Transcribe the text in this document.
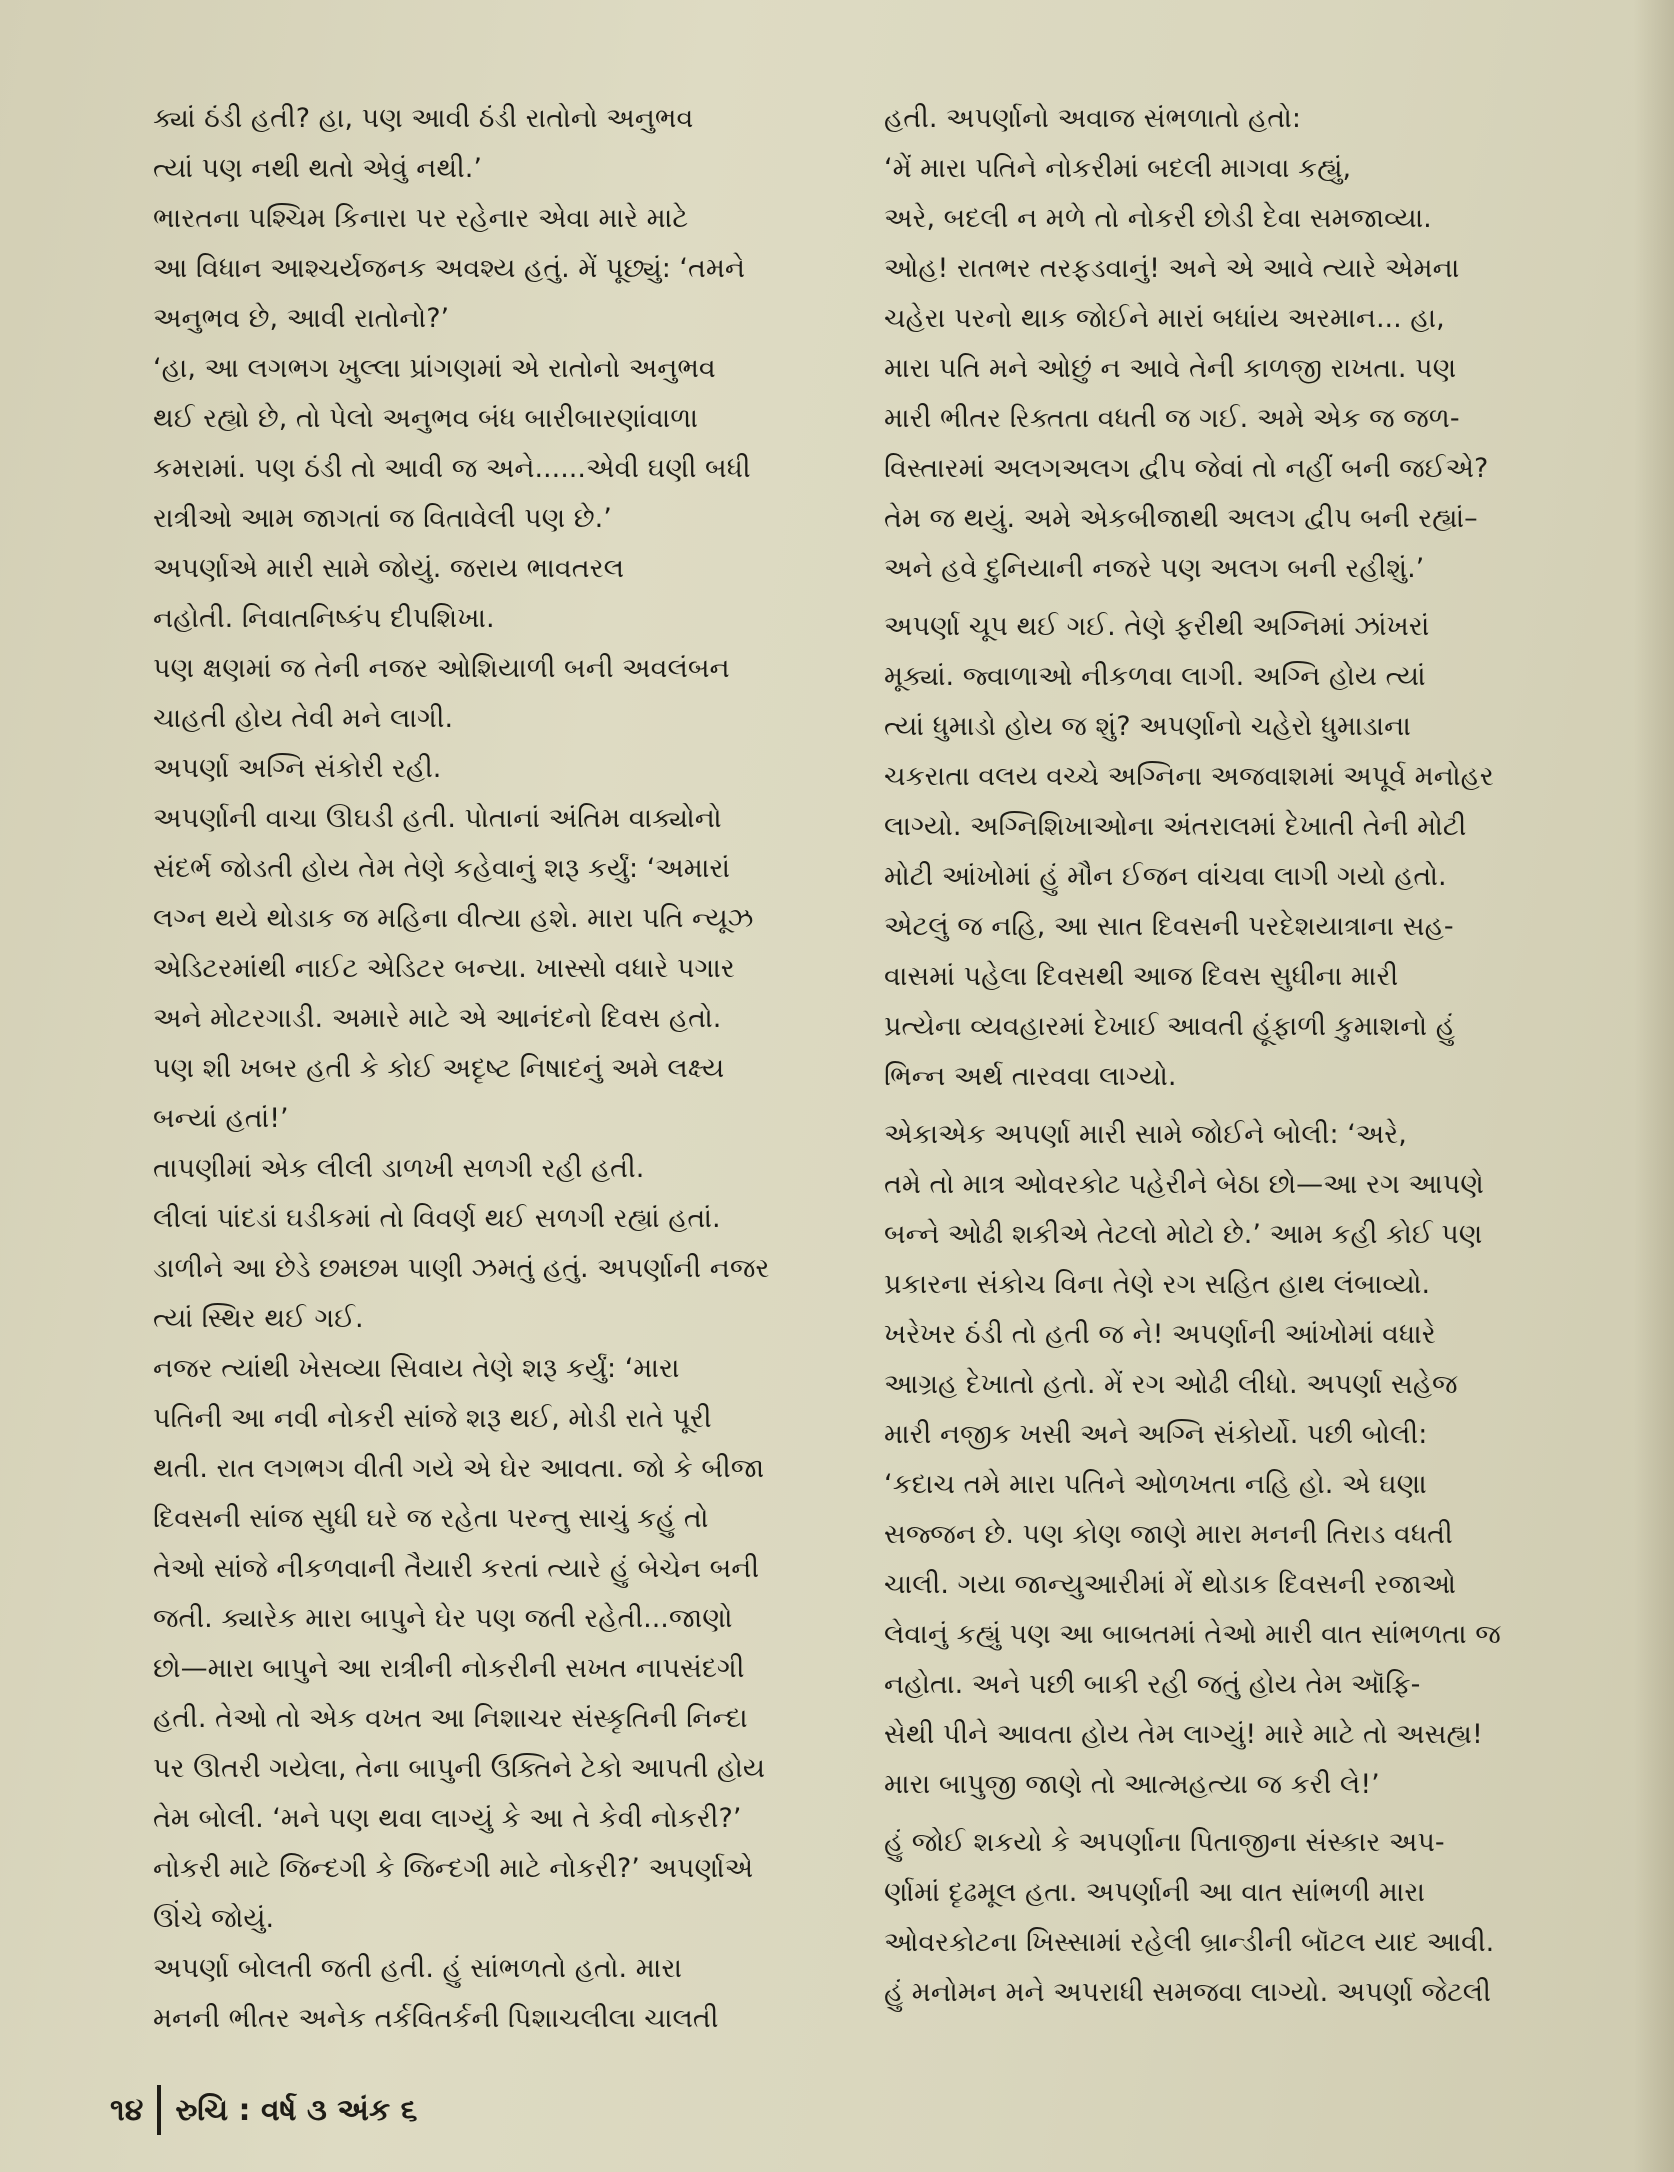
ક્યાં ઠંડી હતી? હા, પણ આવી ઠંડી રાતોનો અનુભવ
ત્યાં પણ નથી થતો એવું નથી.’

ભારતના પશ્ચિમ કિનારા પર રહેનાર એવા મારે માટે
આ વિધાન આશ્ચર્યજનક અવશ્ય હતું. મેં પૂછ્યું: ‘તમને
અનુભવ છે, આવી રાતોનો?’

‘હા, આ લગભગ ખુલ્લા પ્રાંગણમાં એ રાતોનો અનુભવ
થઈ રહ્યો છે, તો પેલો અનુભવ બંધ બારીબારણાંવાળા
કમરામાં. પણ ઠંડી તો આવી જ અને......એવી ઘણી બધી
રાત્રીઓ આમ જાગતાં જ વિતાવેલી પણ છે.’

અપર્ણાએ મારી સામે જોયું. જરાય ભાવતરલ
નહોતી. નિવાતનિષ્કંપ દીપશિખા.

પણ ક્ષણમાં જ તેની નજર ઓશિયાળી બની અવલંબન
ચાહતી હોય તેવી મને લાગી.

અપર્ણા અગ્નિ સંકોરી રહી.

અપર્ણાની વાચા ઊઘડી હતી. પોતાનાં અંતિમ વાક્યોનો
સંદર્ભ જોડતી હોય તેમ તેણે કહેવાનું શરૂ કર્યું: ‘અમારાં
લગ્ન થયે થોડાક જ મહિના વીત્યા હશે. મારા પતિ ન્યૂઝ
એડિટરમાંથી નાઈટ એડિટર બન્યા. ખાસ્સો વધારે પગાર
અને મોટરગાડી. અમારે માટે એ આનંદનો દિવસ હતો.
પણ શી ખબર હતી કે કોઈ અદૃષ્ટ નિષાદનું અમે લક્ષ્ય
બન્યાં હતાં!’

તાપણીમાં એક લીલી ડાળખી સળગી રહી હતી.
લીલાં પાંદડાં ઘડીકમાં તો વિવર્ણ થઈ સળગી રહ્યાં હતાં.
ડાળીને આ છેડે છમછમ પાણી ઝમતું હતું. અપર્ણાની નજર
ત્યાં સ્થિર થઈ ગઈ.

નજર ત્યાંથી ખેસવ્યા સિવાય તેણે શરૂ કર્યું: ‘મારા
પતિની આ નવી નોકરી સાંજે શરૂ થઈ, મોડી રાતે પૂરી
થતી. રાત લગભગ વીતી ગયે એ ઘેર આવતા. જો કે બીજા
દિવસની સાંજ સુધી ઘરે જ રહેતા પરન્તુ સાચું કહું તો
તેઓ સાંજે નીકળવાની તૈયારી કરતાં ત્યારે હું બેચેન બની
જતી. ક્યારેક મારા બાપુને ઘેર પણ જતી રહેતી...જાણો
છો—મારા બાપુને આ રાત્રીની નોકરીની સખત નાપસંદગી
હતી. તેઓ તો એક વખત આ નિશાચર સંસ્કૃતિની નિન્દા
પર ઊતરી ગયેલા, તેના બાપુની ઉક્તિને ટેકો આપતી હોય
તેમ બોલી. ‘મને પણ થવા લાગ્યું કે આ તે કેવી નોકરી?’
નોકરી માટે જિન્દગી કે જિન્દગી માટે નોકરી?’ અપર્ણાએ
ઊંચે જોયું.

અપર્ણા બોલતી જતી હતી. હું સાંભળતો હતો. મારા
મનની ભીતર અનેક તર્કવિતર્કની પિશાચલીલા ચાલતી

હતી. અપર્ણાનો અવાજ સંભળાતો હતો:

‘મેં મારા પતિને નોકરીમાં બદલી માગવા કહ્યું,
અરે, બદલી ન મળે તો નોકરી છોડી દેવા સમજાવ્યા.
ઓહ! રાતભર તરફડવાનું! અને એ આવે ત્યારે એમના
ચહેરા પરનો થાક જોઈને મારાં બધાંય અરમાન... હા,
મારા પતિ મને ઓછું ન આવે તેની કાળજી રાખતા. પણ
મારી ભીતર રિક્તતા વધતી જ ગઈ. અમે એક જ જળ-
વિસ્તારમાં અલગઅલગ દ્વીપ જેવાં તો નહીં બની જઈએ?
તેમ જ થયું. અમે એકબીજાથી અલગ દ્વીપ બની રહ્યાં–
અને હવે દુનિયાની નજરે પણ અલગ બની રહીશું.’

અપર્ણા ચૂપ થઈ ગઈ. તેણે ફરીથી અગ્નિમાં ઝાંખરાં
મૂક્યાં. જ્વાળાઓ નીકળવા લાગી. અગ્નિ હોય ત્યાં
ત્યાં ધુમાડો હોય જ શું? અપર્ણાનો ચહેરો ધુમાડાના
ચકરાતા વલય વચ્ચે અગ્નિના અજવાશમાં અપૂર્વ મનોહર
લાગ્યો. અગ્નિશિખાઓના અંતરાલમાં દેખાતી તેની મોટી
મોટી આંખોમાં હું મૌન ઈજન વાંચવા લાગી ગયો હતો.
એટલું જ નહિ, આ સાત દિવસની પરદેશયાત્રાના સહ-
વાસમાં પહેલા દિવસથી આજ દિવસ સુધીના મારી
પ્રત્યેના વ્યવહારમાં દેખાઈ આવતી હૂંફાળી કુમાશનો હું
ભિન્ન અર્થ તારવવા લાગ્યો.

એકાએક અપર્ણા મારી સામે જોઈને બોલી: ‘અરે,
તમે તો માત્ર ઓવરકોટ પહેરીને બેઠા છો—આ રગ આપણે
બન્ને ઓઢી શકીએ તેટલો મોટો છે.’ આમ કહી કોઈ પણ
પ્રકારના સંકોચ વિના તેણે રગ સહિત હાથ લંબાવ્યો.
ખરેખર ઠંડી તો હતી જ ને! અપર્ણાની આંખોમાં વધારે
આગ્રહ દેખાતો હતો. મેં રગ ઓઢી લીધો. અપર્ણા સહેજ
મારી નજીક ખસી અને અગ્નિ સંકોર્યો. પછી બોલી:
‘કદાચ તમે મારા પતિને ઓળખતા નહિ હો. એ ઘણા
સજ્જન છે. પણ કોણ જાણે મારા મનની તિરાડ વધતી
ચાલી. ગયા જાન્યુઆરીમાં મેં થોડાક દિવસની રજાઓ
લેવાનું કહ્યું પણ આ બાબતમાં તેઓ મારી વાત સાંભળતા જ
નહોતા. અને પછી બાકી રહી જતું હોય તેમ ઑફિ-
સેથી પીને આવતા હોય તેમ લાગ્યું! મારે માટે તો અસહ્ય!
મારા બાપુજી જાણે તો આત્મહત્યા જ કરી લે!’

હું જોઈ શકયો કે અપર્ણાના પિતાજીના સંસ્કાર અપ-
ર્ણામાં દૃઢમૂલ હતા. અપર્ણાની આ વાત સાંભળી મારા
ઓવરકોટના ખિસ્સામાં રહેલી બ્રાન્ડીની બૉટલ યાદ આવી.
હું મનોમન મને અપરાધી સમજવા લાગ્યો. અપર્ણા જેટલી

૧૪ રુચિ : વર્ષ ૩ અંક ૬
